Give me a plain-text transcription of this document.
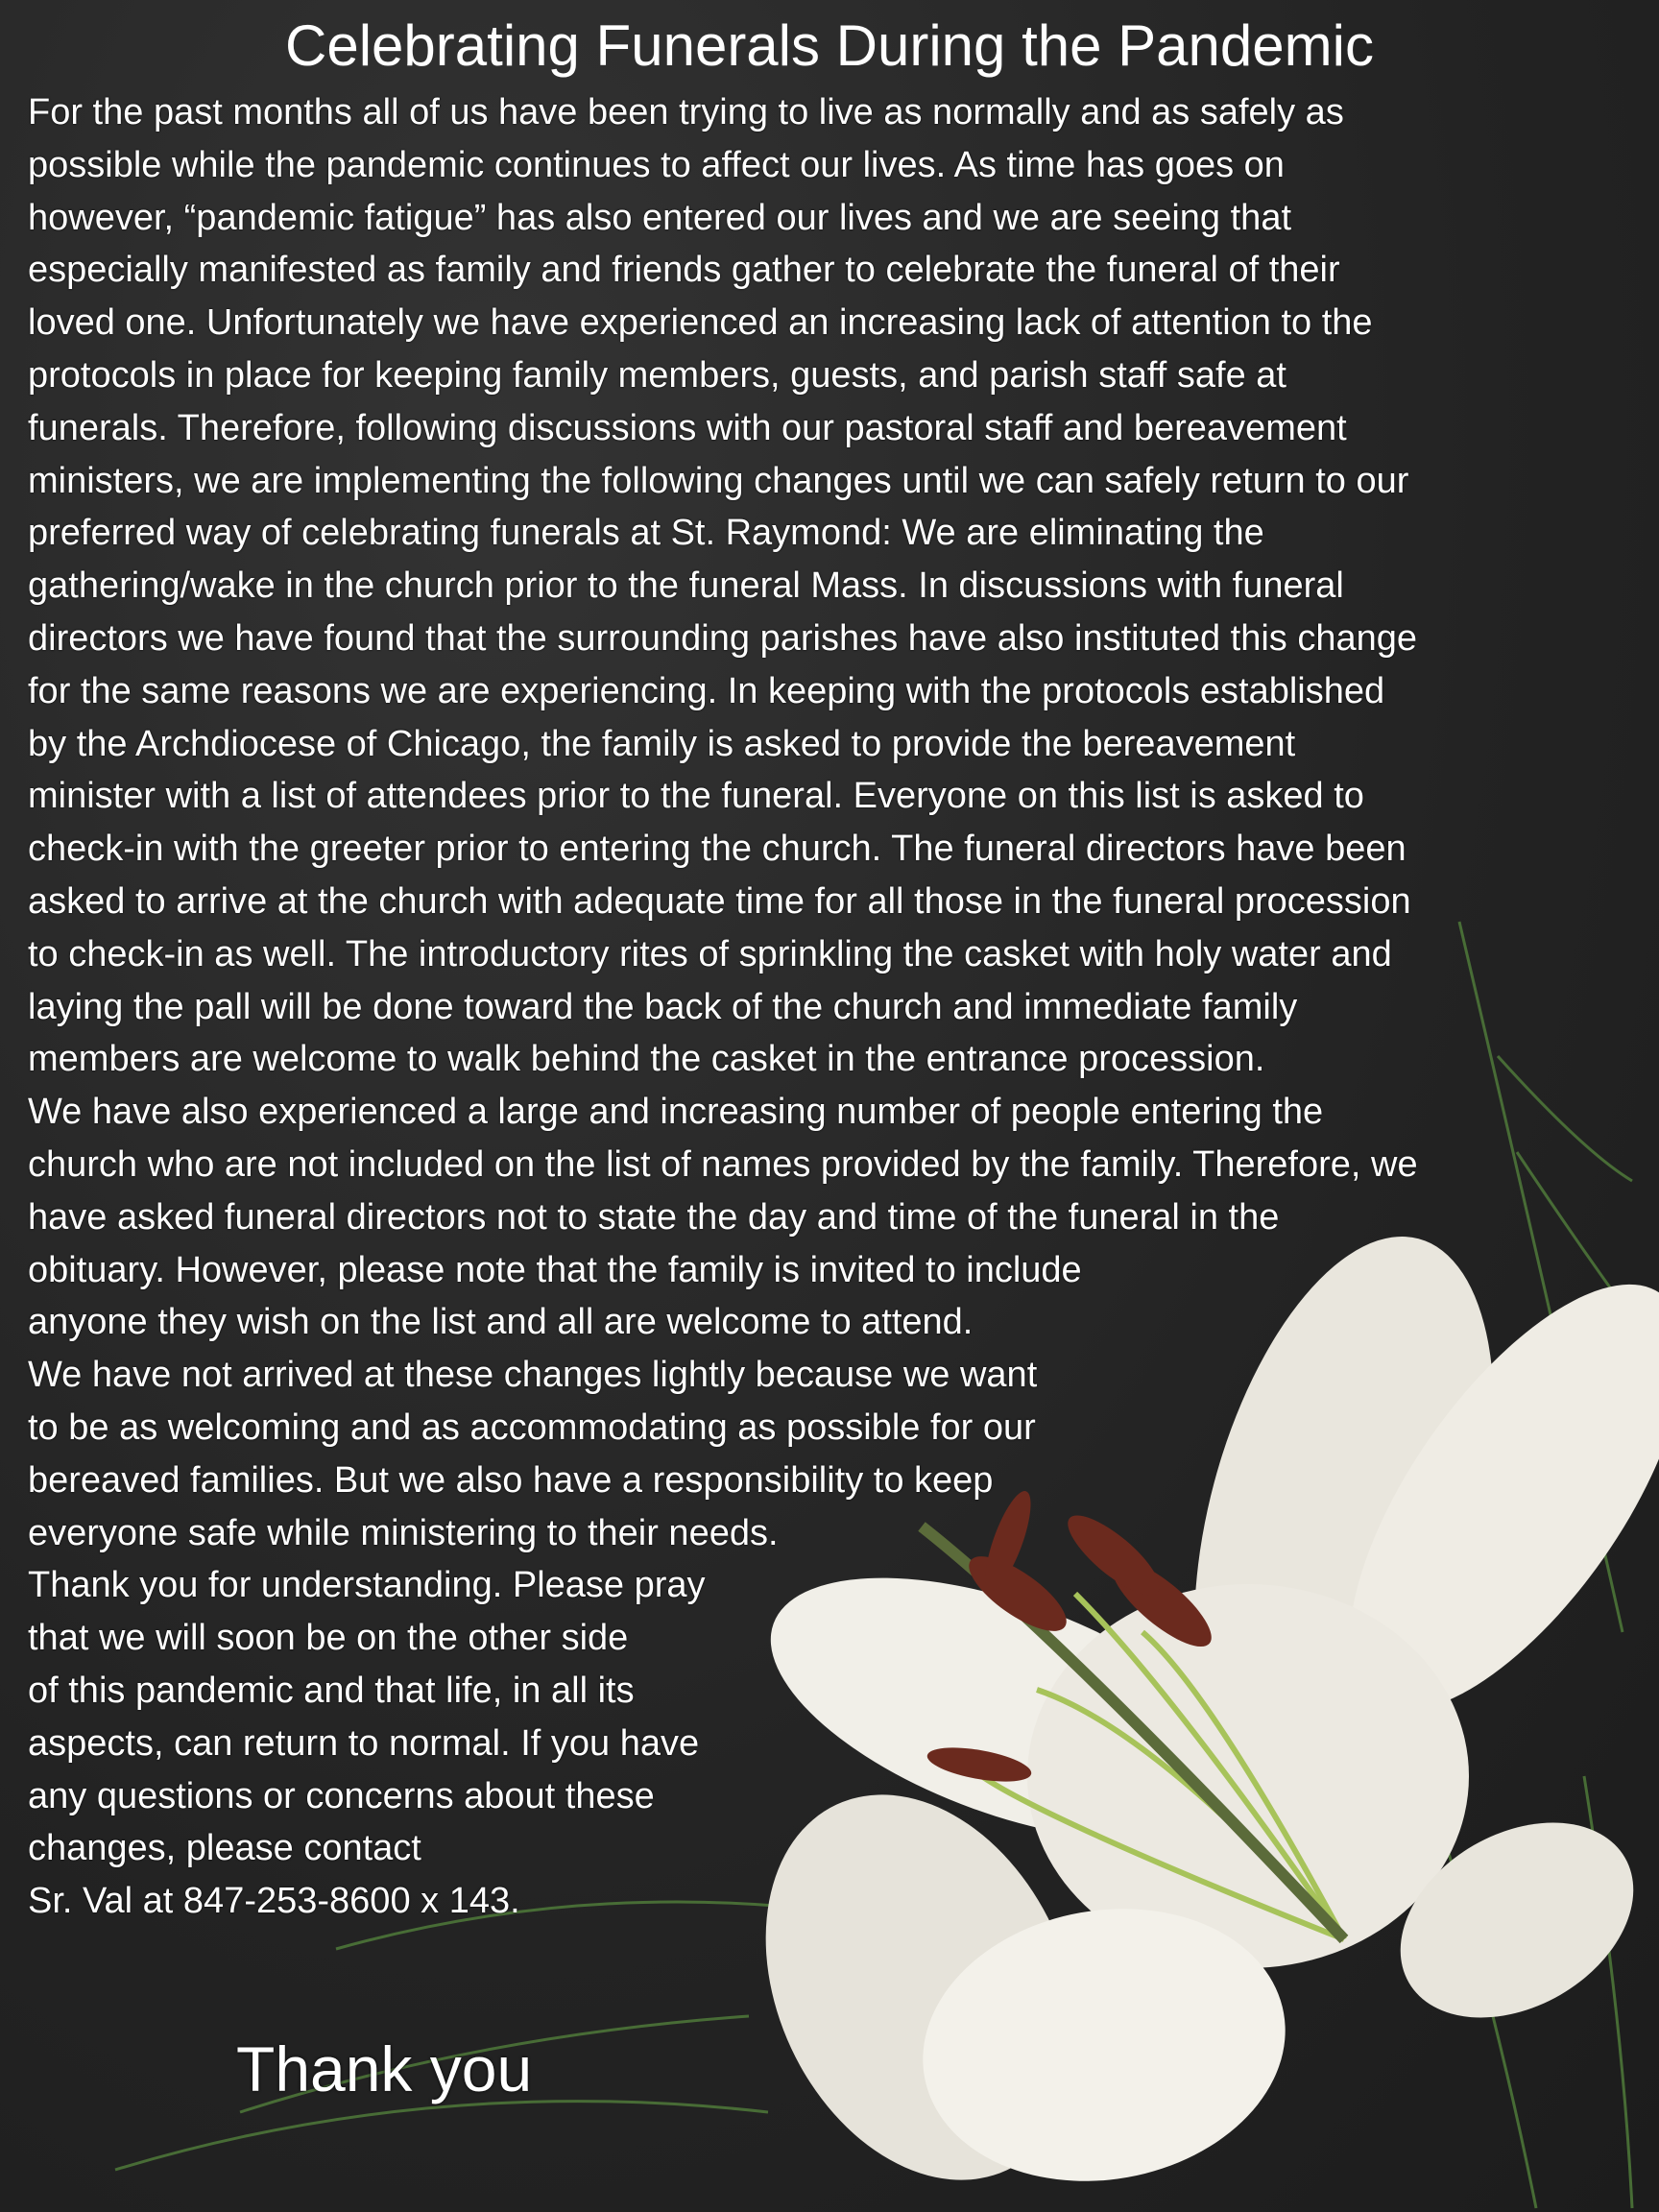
Celebrating Funerals During the Pandemic
For the past months all of us have been trying to live as normally and as safely as
possible while the pandemic continues to affect our lives. As time has goes on
however, “pandemic fatigue” has also entered our lives and we are seeing that
especially manifested as family and friends gather to celebrate the funeral of their
loved one. Unfortunately we have experienced an increasing lack of attention to the
protocols in place for keeping family members, guests, and parish staff safe at
funerals. Therefore, following discussions with our pastoral staff and bereavement
ministers, we are implementing the following changes until we can safely return to our
preferred way of celebrating funerals at St. Raymond: We are eliminating the
gathering/wake in the church prior to the funeral Mass. In discussions with funeral
directors we have found that the surrounding parishes have also instituted this change
for the same reasons we are experiencing. In keeping with the protocols established
by the Archdiocese of Chicago, the family is asked to provide the bereavement
minister with a list of attendees prior to the funeral. Everyone on this list is asked to
check-in with the greeter prior to entering the church. The funeral directors have been
asked to arrive at the church with adequate time for all those in the funeral procession
to check-in as well. The introductory rites of sprinkling the casket with holy water and
laying the pall will be done toward the back of the church and immediate family
members are welcome to walk behind the casket in the entrance procession.
We have also experienced a large and increasing number of people entering the
church who are not included on the list of names provided by the family. Therefore, we
have asked funeral directors not to state the day and time of the funeral in the
obituary. However, please note that the family is invited to include
anyone they wish on the list and all are welcome to attend.
We have not arrived at these changes lightly because we want
to be as welcoming and as accommodating as possible for our
bereaved families. But we also have a responsibility to keep
everyone safe while ministering to their needs.
Thank you for understanding. Please pray
that we will soon be on the other side
of this pandemic and that life, in all its
aspects, can return to normal. If you have
any questions or concerns about these
changes, please contact
Sr. Val at 847-253-8600 x 143.
Thank you
